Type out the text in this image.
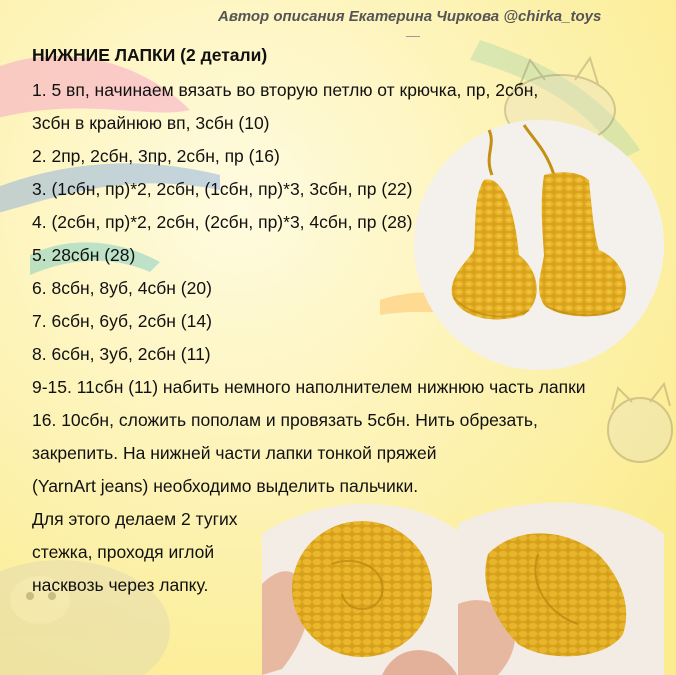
Автор описания Екатерина Чиркова @chirka_toys
НИЖНИЕ ЛАПКИ (2 детали)
1. 5 вп, начинаем вязать во вторую петлю от крючка, пр, 2сбн,
3сбн в крайнюю вп, 3сбн (10)
2. 2пр, 2сбн, 3пр, 2сбн, пр (16)
3. (1сбн, пр)*2, 2сбн, (1сбн, пр)*3, 3сбн, пр (22)
4. (2сбн, пр)*2, 2сбн, (2сбн, пр)*3, 4сбн, пр (28)
5. 28сбн (28)
6. 8сбн, 8уб, 4сбн (20)
7. 6сбн, 6уб, 2сбн (14)
8. 6сбн, 3уб, 2сбн (11)
9-15. 11сбн (11) набить немного наполнителем нижнюю часть лапки
16. 10сбн, сложить пополам и провязать 5сбн. Нить обрезать,
закрепить. На нижней части лапки тонкой пряжей
(YarnArt jeans) необходимо выделить пальчики.
Для этого делаем 2 тугих
стежка, проходя иглой
насквозь через лапку.
